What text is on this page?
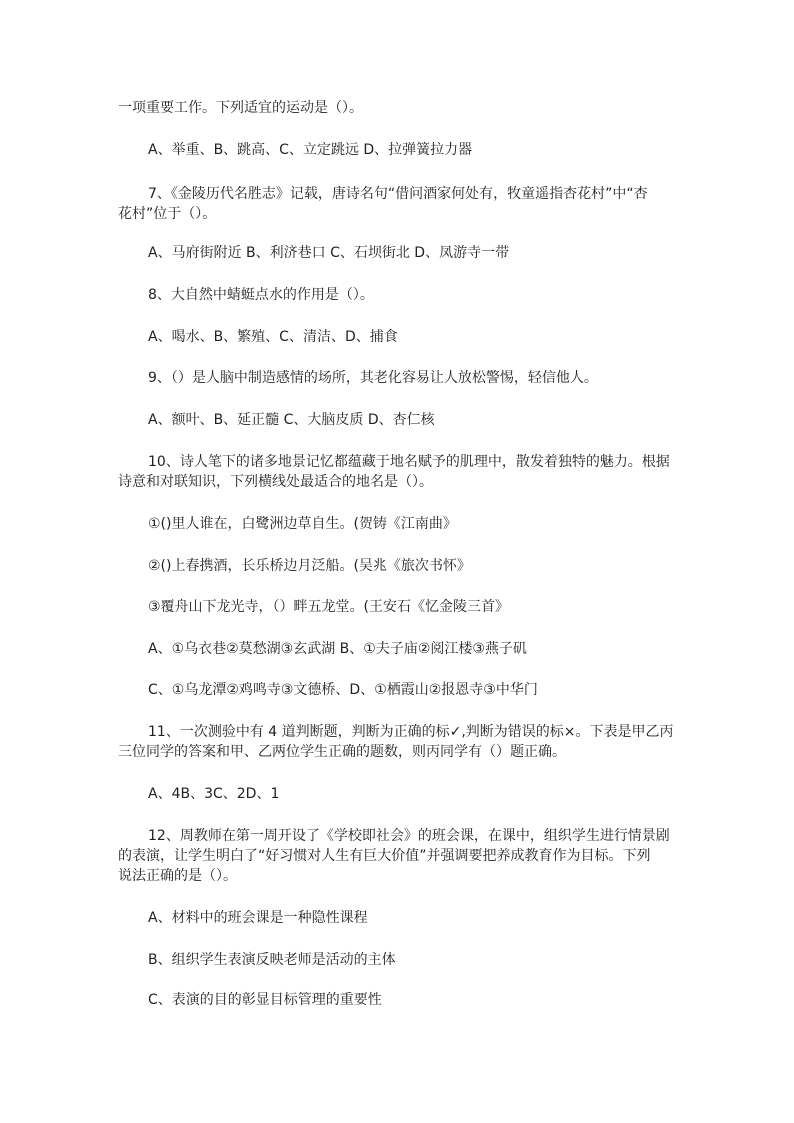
一项重要工作。下列适宜的运动是（）。
A、举重、B、跳高、C、立定跳远 D、拉弹簧拉力器
7、《金陵历代名胜志》记载，唐诗名句“借问酒家何处有，牧童遥指杏花村”中“杏
花村”位于（）。
A、马府街附近 B、利济巷口 C、石坝街北 D、凤游寺一带
8、大自然中蜻蜓点水的作用是（）。
A、喝水、B、繁殖、C、清洁、D、捕食
9、（）是人脑中制造感情的场所，其老化容易让人放松警惕，轻信他人。
A、额叶、B、延正髓 C、大脑皮质 D、杏仁核
10、诗人笔下的诸多地景记忆都蕴藏于地名赋予的肌理中，散发着独特的魅力。根据
诗意和对联知识，下列横线处最适合的地名是（）。
①()里人谁在，白鹭洲边草自生。(贺铸《江南曲》
②()上春携酒，长乐桥边月泛船。(吴兆《旅次书怀》
③覆舟山下龙光寺，（）畔五龙堂。(王安石《忆金陵三首》
A、①乌衣巷②莫愁湖③玄武湖 B、①夫子庙②阅江楼③燕子矶
C、①乌龙潭②鸡鸣寺③文德桥、D、①栖霞山②报恩寺③中华门
11、一次测验中有 4 道判断题，判断为正确的标✓,判断为错误的标×。下表是甲乙丙
三位同学的答案和甲、乙两位学生正确的题数，则丙同学有（）题正确。
A、4B、3C、2D、1
12、周教师在第一周开设了《学校即社会》的班会课，在课中，组织学生进行情景剧
的表演，让学生明白了“好习惯对人生有巨大价值”并强调要把养成教育作为目标。下列
说法正确的是（）。
A、材料中的班会课是一种隐性课程
B、组织学生表演反映老师是活动的主体
C、表演的目的彰显目标管理的重要性
